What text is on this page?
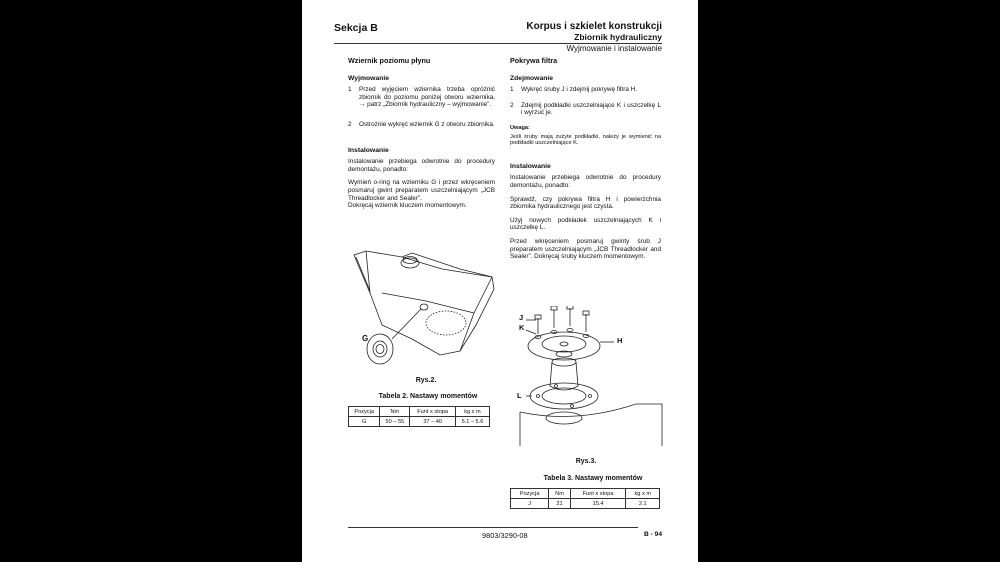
Sekcja B	Korpus i szkielet konstrukcji
Zbiornik hydrauliczny
Wyjmowanie i instalowanie
Wziernik poziomu płynu
Wyjmowanie
1	Przed wyjęciem wziernika trzeba opróżnić zbiornik do poziomu poniżej otworu wziernika, → patrz „Zbiornik hydrauliczny – wyjmowanie”.
2	Ostrożnie wykręć wziernik G z otworu zbiornika.
Instalowanie
Instalowanie przebiega odwrotnie do procedury demontażu, ponadto:
Wymień o-ring na wzierniku G i przez wkręceniem posmaruj gwint preparatem uszczelniającym „JCB Threadlocker and Sealer”.
Dokręcaj wziernik kluczem momentowym.
G
Rys.2.
Tabela 2. Nastawy momentów
Pozycja	Nm	Funt x stopa	kg x m
G	50 – 55	37 – 40	5.1 – 5.6
Pokrywa filtra
Zdejmowanie
1	Wykręć śruby J i zdejmij pokrywę filtra H.
2	Zdejmij podkładki uszczelniające K i uszczelkę L i wyrzuć je.
Uwaga:
Jeśli śruby mają zużyte podkładki, należy je wymienić na podkładki uszczelniające K.
Instalowanie
Instalowanie przebiega odwrotnie do procedury demontażu, ponadto:
Sprawdź, czy pokrywa filtra H i powierzchnia zbiornika hydraulicznego jest czysta.
Użyj nowych podkładek uszczelniających K i uszczelkę L.
Przed wkręceniem posmaruj gwinty śrub J preparatem uszczelniającym „JCB Threadlocker and Sealer”. Dokręcaj śruby kluczem momentowym.
J
K
H
L
Rys.3.
Tabela 3. Nastawy momentów
Pozycja	Nm	Funt x stopa	kg x m
J	21	15.4	2.1
9803/3290-08	B - 94
